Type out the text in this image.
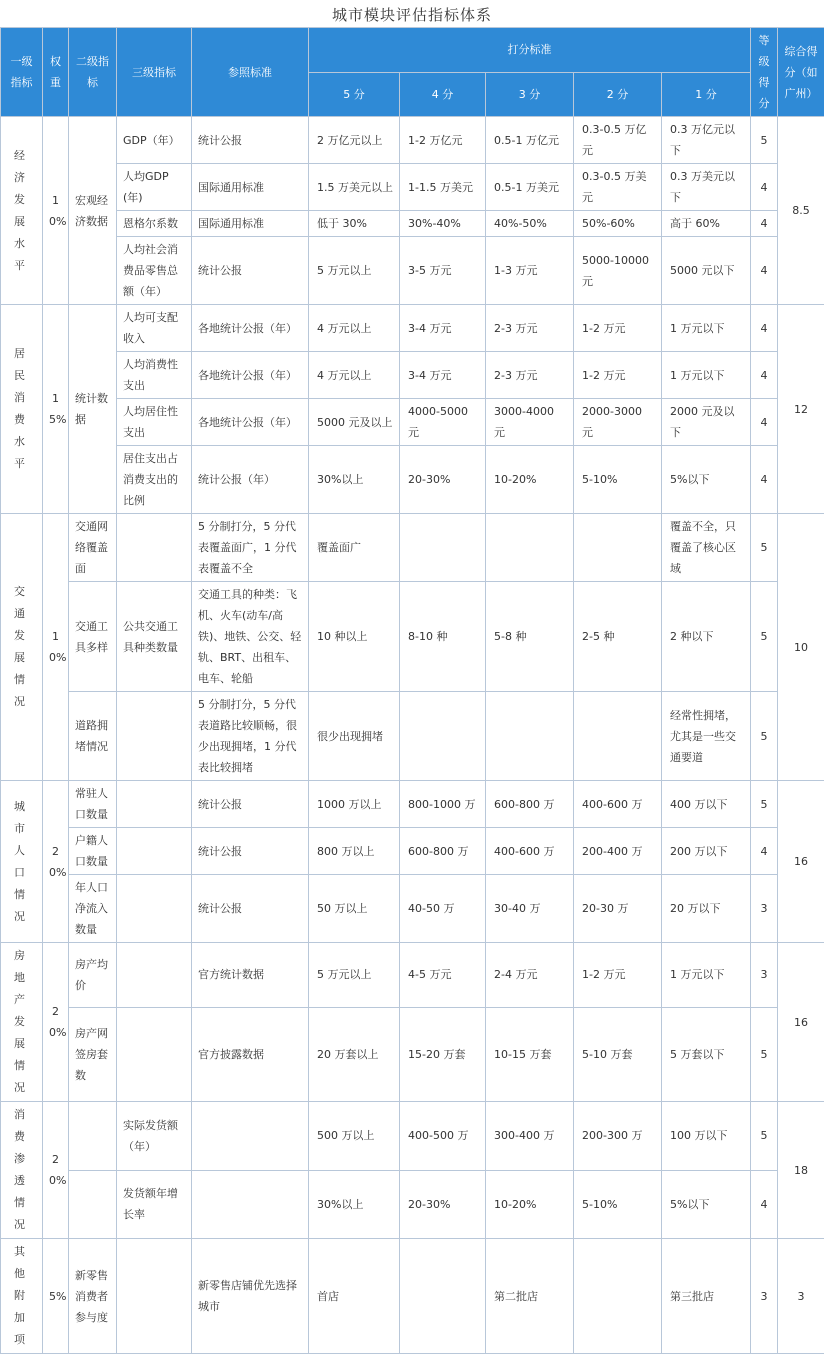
城市模块评估指标体系
一级指标	权重	二级指标	三级指标	参照标准	打分标准					等级得分	综合得分（如广州）
					5 分	4 分	3 分	2 分	1 分		
经济发展水平	10%	宏观经济数据	GDP（年）	统计公报	2 万亿元以上	1-2 万亿元	0.5-1 万亿元	0.3-0.5 万亿元	0.3 万亿元以下	5	8.5
			人均GDP(年)	国际通用标准	1.5 万美元以上	1-1.5 万美元	0.5-1 万美元	0.3-0.5 万美元	0.3 万美元以下	4	
			恩格尔系数	国际通用标准	低于 30%	30%-40%	40%-50%	50%-60%	高于 60%	4	
			人均社会消费品零售总额（年）	统计公报	5 万元以上	3-5 万元	1-3 万元	5000-10000 元	5000 元以下	4	
居民消费水平	15%	统计数据	人均可支配收入	各地统计公报（年）	4 万元以上	3-4 万元	2-3 万元	1-2 万元	1 万元以下	4	12
			人均消费性支出	各地统计公报（年）	4 万元以上	3-4 万元	2-3 万元	1-2 万元	1 万元以下	4	
			人均居住性支出	各地统计公报（年）	5000 元及以上	4000-5000 元	3000-4000 元	2000-3000 元	2000 元及以下	4	
			居住支出占消费支出的比例	统计公报（年）	30%以上	20-30%	10-20%	5-10%	5%以下	4	
交通发展情况	10%	交通网络覆盖面		5 分制打分，5 分代表覆盖面广，1 分代表覆盖不全	覆盖面广				覆盖不全，只覆盖了核心区域	5	10
		交通工具多样	公共交通工具种类数量	交通工具的种类：飞机、火车(动车/高铁)、地铁、公交、轻轨、BRT、出租车、电车、轮船	10 种以上	8-10 种	5-8 种	2-5 种	2 种以下	5	
		道路拥堵情况		5 分制打分，5 分代表道路比较顺畅，很少出现拥堵，1 分代表比较拥堵	很少出现拥堵				经常性拥堵，尤其是一些交通要道	5	
城市人口情况	20%	常驻人口数量		统计公报	1000 万以上	800-1000 万	600-800 万	400-600 万	400 万以下	5	16
		户籍人口数量		统计公报	800 万以上	600-800 万	400-600 万	200-400 万	200 万以下	4	
		年人口净流入数量		统计公报	50 万以上	40-50 万	30-40 万	20-30 万	20 万以下	3	
房地产发展情况	20%	房产均价		官方统计数据	5 万元以上	4-5 万元	2-4 万元	1-2 万元	1 万元以下	3	16
		房产网签房套数		官方披露数据	20 万套以上	15-20 万套	10-15 万套	5-10 万套	5 万套以下	5	
消费渗透情况	20%		实际发货额（年）		500 万以上	400-500 万	300-400 万	200-300 万	100 万以下	5	18
			发货额年增长率		30%以上	20-30%	10-20%	5-10%	5%以下	4	
其他附加项	5%	新零售消费者参与度		新零售店铺优先选择城市	首店		第二批店		第三批店	3	3
